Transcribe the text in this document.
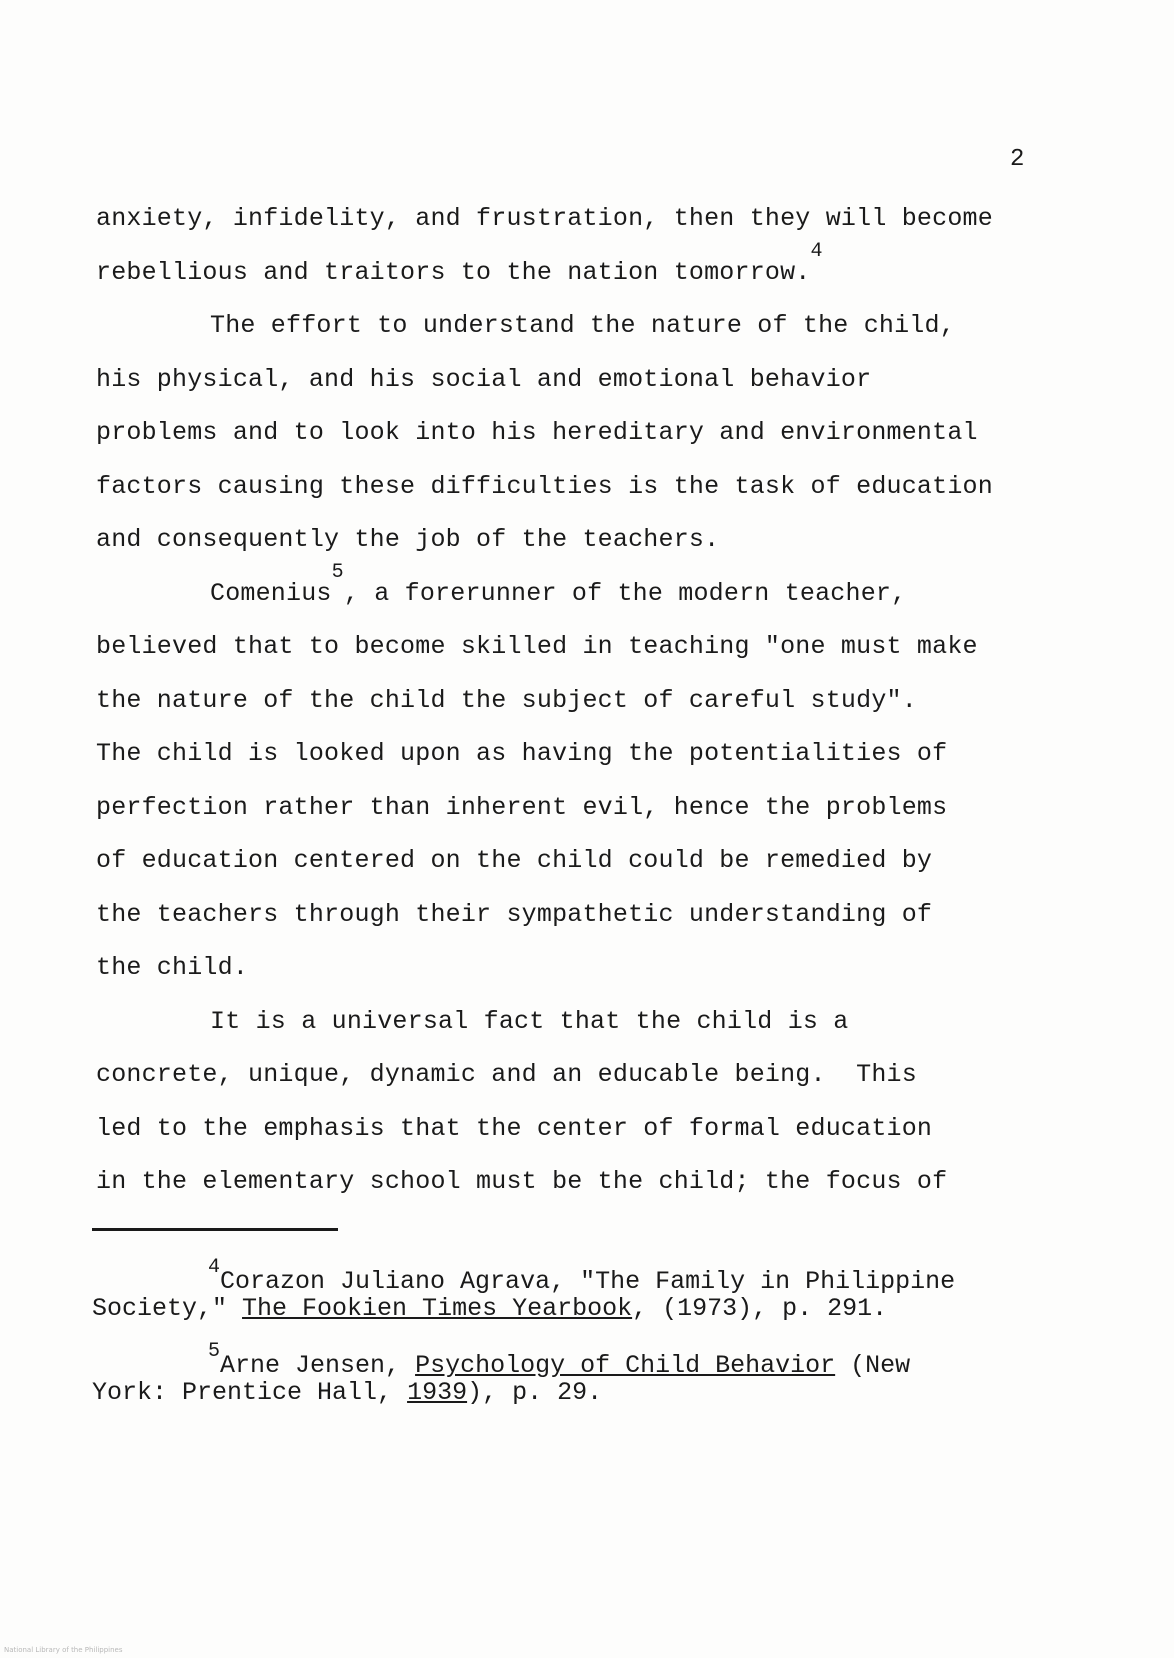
2
anxiety, infidelity, and frustration, then they will become
rebellious and traitors to the nation tomorrow.$^4$
The effort to understand the nature of the child,
his physical, and his social and emotional behavior
problems and to look into his hereditary and environmental
factors causing these difficulties is the task of education
and consequently the job of the teachers.
Comenius$^5$, a forerunner of the modern teacher,
believed that to become skilled in teaching "one must make
the nature of the child the subject of careful study".
The child is looked upon as having the potentialities of
perfection rather than inherent evil, hence the problems
of education centered on the child could be remedied by
the teachers through their sympathetic understanding of
the child.
It is a universal fact that the child is a
concrete, unique, dynamic and an educable being.  This
led to the emphasis that the center of formal education
in the elementary school must be the child; the focus of
$^4$Corazon Juliano Agrava, "The Family in Philippine
Society," The Fookien Times Yearbook, (1973), p. 291.
$^5$Arne Jensen, Psychology of Child Behavior (New
York: Prentice Hall, 1939), p. 29.
National Library of the Philippines
